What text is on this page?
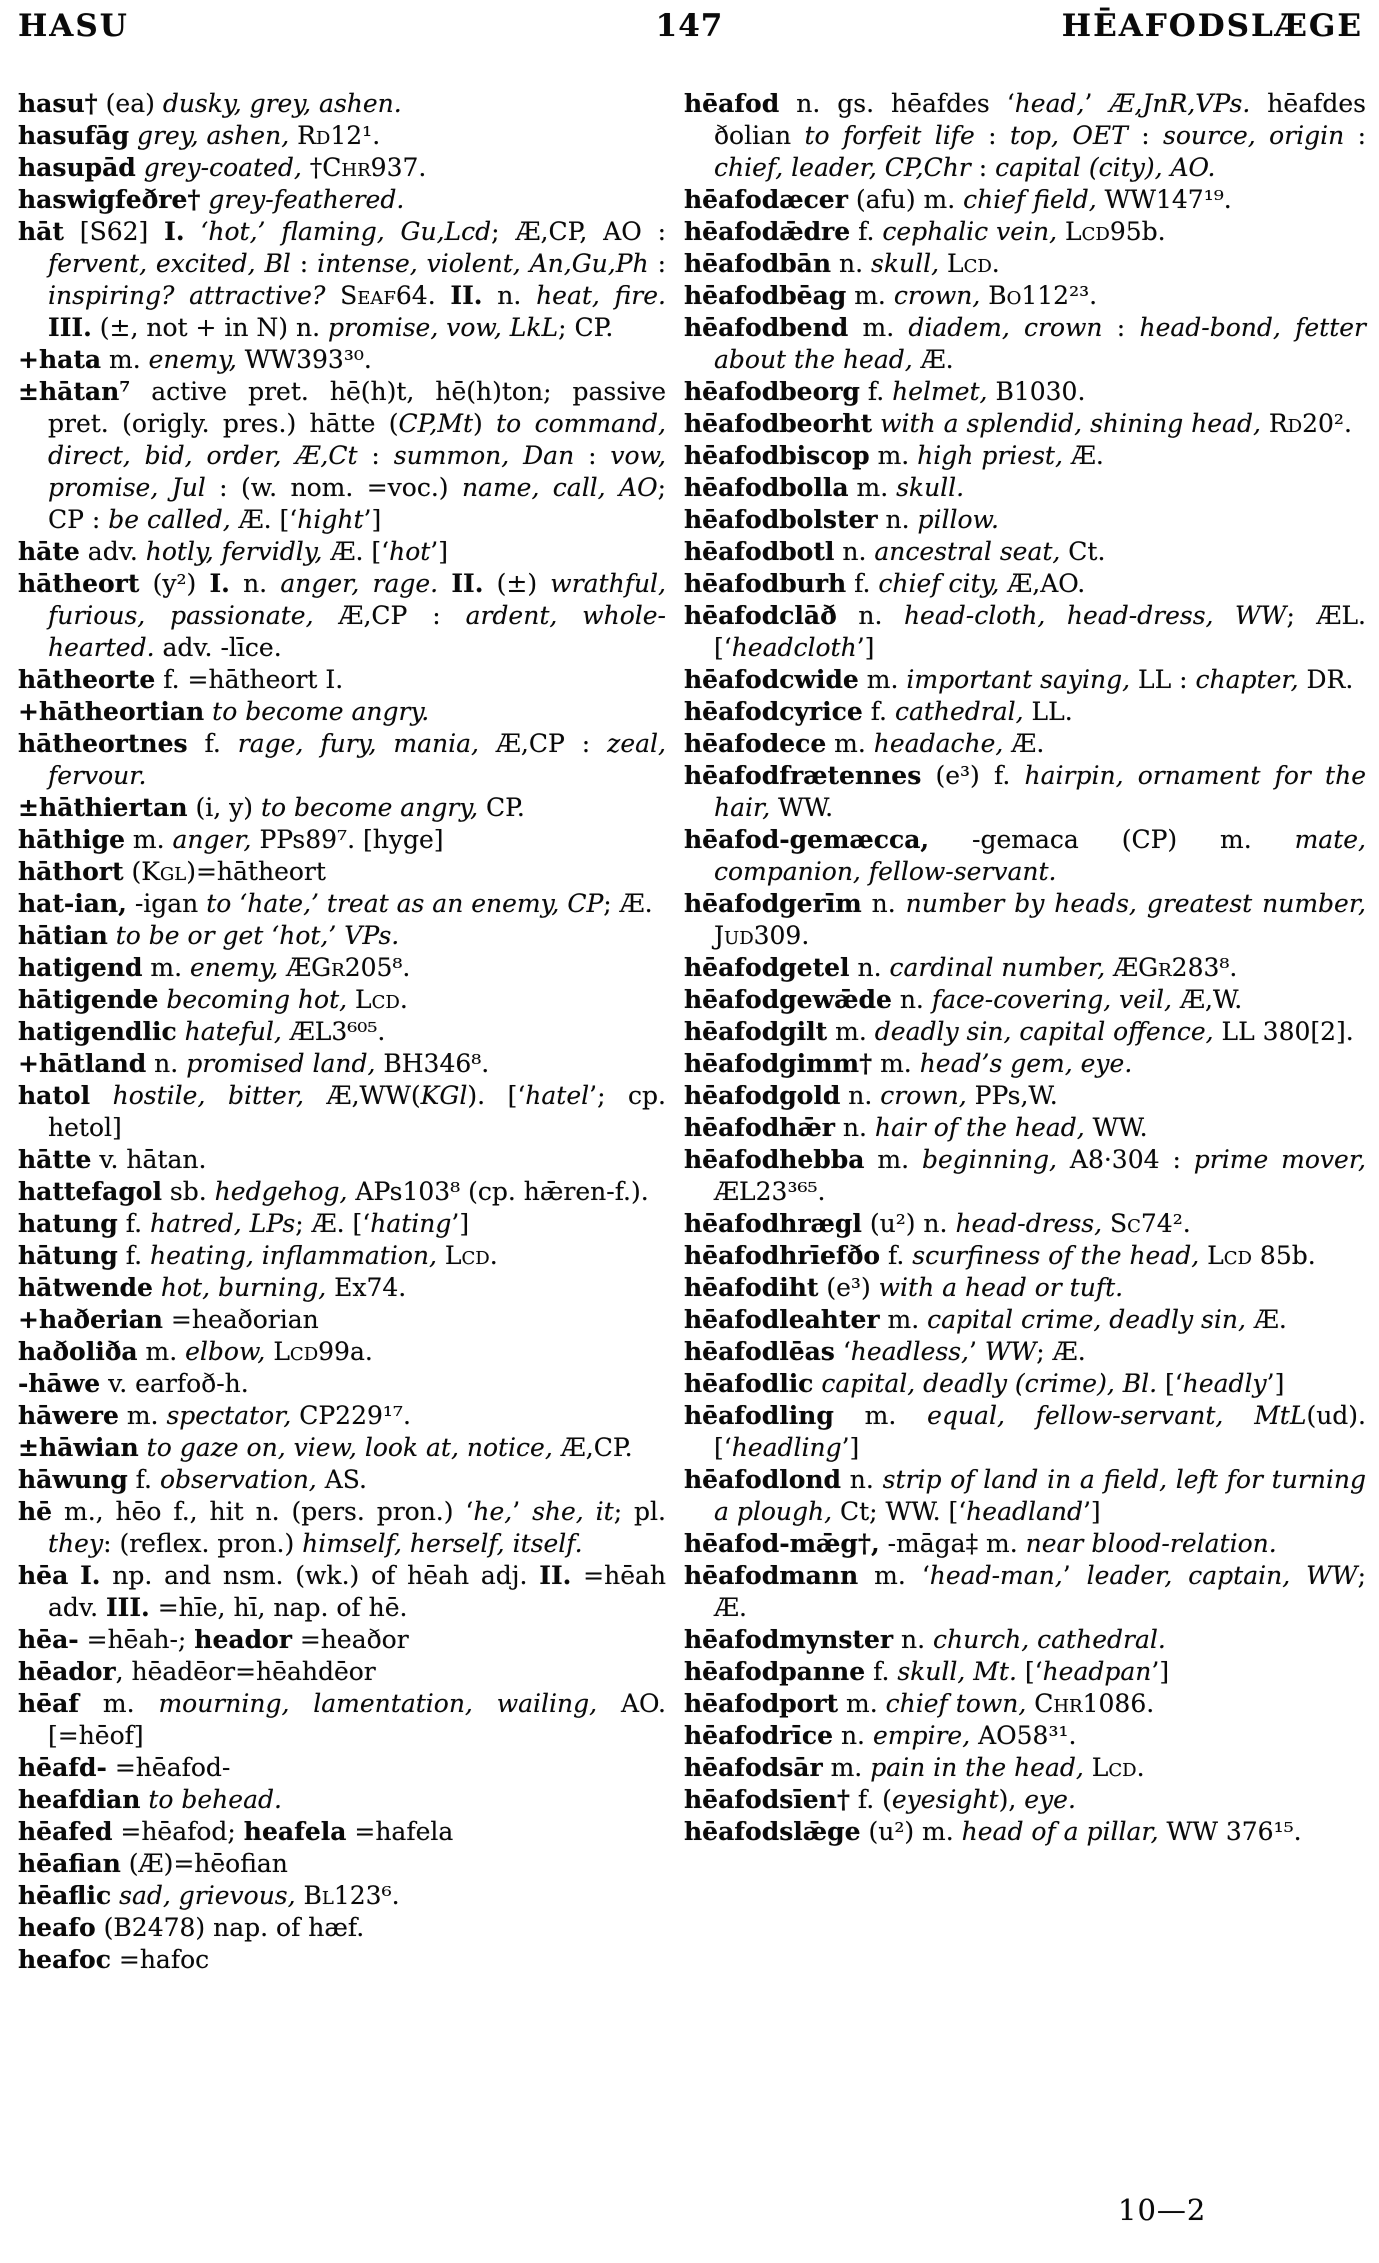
HASU	147	HĒAFODSLÆGE

hasu† (ea) dusky, grey, ashen.

hasufāg grey, ashen, Rd12¹.

hasupād grey-coated, †Chr937.

haswigfeðre† grey-feathered.

hāt [S62] I. ‘hot,’ flaming, Gu,Lcd; Æ,CP, AO : fervent, excited, Bl : intense, violent, An,Gu,Ph : inspiring? attractive? Seaf64. II. n. heat, fire. III. (±, not + in N) n. promise, vow, LkL; CP.

+hata m. enemy, WW393³⁰.

±hātan⁷ active pret. hē(h)t, hē(h)ton; passive pret. (origly. pres.) hātte (CP,Mt) to command, direct, bid, order, Æ,Ct : summon, Dan : vow, promise, Jul : (w. nom. =voc.) name, call, AO; CP : be called, Æ. [‘hight’]

hāte adv. hotly, fervidly, Æ. [‘hot’]

hātheort (y²) I. n. anger, rage. II. (±) wrathful, furious, passionate, Æ,CP : ardent, whole-hearted. adv. -līce.

hātheorte f. =hātheort I.

+hātheortian to become angry.

hātheortnes f. rage, fury, mania, Æ,CP : zeal, fervour.

±hāthiertan (i, y) to become angry, CP.

hāthige m. anger, PPs89⁷. [hyge]

hāthort (Kgl)=hātheort

hat-ian, -igan to ‘hate,’ treat as an enemy, CP; Æ.

hātian to be or get ‘hot,’ VPs.

hatigend m. enemy, ÆGr205⁸.

hātigende becoming hot, Lcd.

hatigendlic hateful, ÆL3⁶⁰⁵.

+hātland n. promised land, BH346⁸.

hatol hostile, bitter, Æ,WW(KGl). [‘hatel’; cp. hetol]

hātte v. hātan.

hattefagol sb. hedgehog, APs103⁸ (cp. hǣren-f.).

hatung f. hatred, LPs; Æ. [‘hating’]

hātung f. heating, inflammation, Lcd.

hātwende hot, burning, Ex74.

+haðerian =heaðorian

haðoliða m. elbow, Lcd99a.

-hāwe v. earfoð-h.

hāwere m. spectator, CP229¹⁷.

±hāwian to gaze on, view, look at, notice, Æ,CP.

hāwung f. observation, AS.

hē m., hēo f., hit n. (pers. pron.) ‘he,’ she, it; pl. they: (reflex. pron.) himself, herself, itself.

hēa I. np. and nsm. (wk.) of hēah adj. II. =hēah adv. III. =hīe, hī, nap. of hē.

hēa- =hēah-; heador =heaðor

hēador, hēadēor=hēahdēor

hēaf m. mourning, lamentation, wailing, AO. [=hēof]

hēafd- =hēafod-

heafdian to behead.

hēafed =hēafod; heafela =hafela

hēafian (Æ)=hēofian

hēaflic sad, grievous, Bl123⁶.

heafo (B2478) nap. of hæf.

heafoc =hafoc

hēafod n. gs. hēafdes ‘head,’ Æ,JnR,VPs. hēafdes ðolian to forfeit life : top, OET : source, origin : chief, leader, CP,Chr : capital (city), AO.

hēafodæcer (afu) m. chief field, WW147¹⁹.

hēafodǣdre f. cephalic vein, Lcd95b.

hēafodbān n. skull, Lcd.

hēafodbēag m. crown, Bo112²³.

hēafodbend m. diadem, crown : head-bond, fetter about the head, Æ.

hēafodbeorg f. helmet, B1030.

hēafodbeorht with a splendid, shining head, Rd20².

hēafodbiscop m. high priest, Æ.

hēafodbolla m. skull.

hēafodbolster n. pillow.

hēafodbotl n. ancestral seat, Ct.

hēafodburh f. chief city, Æ,AO.

hēafodclāð n. head-cloth, head-dress, WW; ÆL. [‘headcloth’]

hēafodcwide m. important saying, LL : chapter, DR.

hēafodcyrice f. cathedral, LL.

hēafodece m. headache, Æ.

hēafodfrætennes (e³) f. hairpin, ornament for the hair, WW.

hēafod-gemæcca, -gemaca (CP) m. mate, companion, fellow-servant.

hēafodgerīm n. number by heads, greatest number, Jud309.

hēafodgetel n. cardinal number, ÆGr283⁸.

hēafodgewǣde n. face-covering, veil, Æ,W.

hēafodgilt m. deadly sin, capital offence, LL 380[2].

hēafodgimm† m. head’s gem, eye.

hēafodgold n. crown, PPs,W.

hēafodhǣr n. hair of the head, WW.

hēafodhebba m. beginning, A8·304 : prime mover, ÆL23³⁶⁵.

hēafodhrægl (u²) n. head-dress, Sc74².

hēafodhrīefðo f. scurfiness of the head, Lcd 85b.

hēafodiht (e³) with a head or tuft.

hēafodleahter m. capital crime, deadly sin, Æ.

hēafodlēas ‘headless,’ WW; Æ.

hēafodlic capital, deadly (crime), Bl. [‘headly’]

hēafodling m. equal, fellow-servant, MtL(ud). [‘headling’]

hēafodlond n. strip of land in a field, left for turning a plough, Ct; WW. [‘headland’]

hēafod-mǣg†, -māga‡ m. near blood-relation.

hēafodmann m. ‘head-man,’ leader, captain, WW; Æ.

hēafodmynster n. church, cathedral.

hēafodpanne f. skull, Mt. [‘headpan’]

hēafodport m. chief town, Chr1086.

hēafodrīce n. empire, AO58³¹.

hēafodsār m. pain in the head, Lcd.

hēafodsīen† f. (eyesight), eye.

hēafodslǣge (u²) m. head of a pillar, WW 376¹⁵.

10—2
